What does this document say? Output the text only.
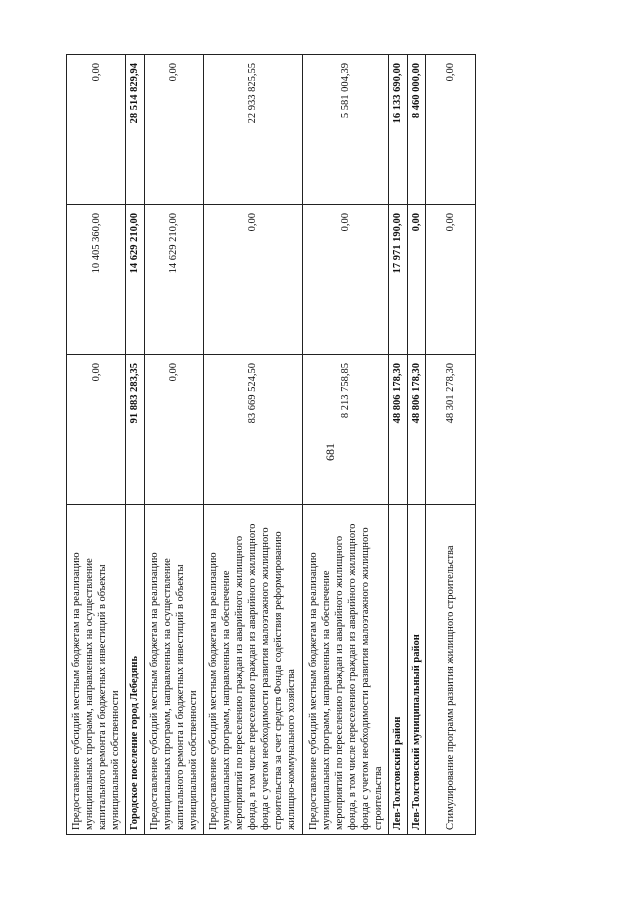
681
Предоставление субсидий местным бюджетам на реализацию муниципальных программ, направленных на осуществление капитального ремонта и бюджетных инвестиций в объекты муниципальной собственности	0,00	10 405 360,00	0,00
Городское поселение город Лебедянь	91 883 283,35	14 629 210,00	28 514 829,94
Предоставление субсидий местным бюджетам на реализацию муниципальных программ, направленных на осуществление капитального ремонта и бюджетных инвестиций в объекты муниципальной собственности	0,00	14 629 210,00	0,00
Предоставление субсидий местным бюджетам на реализацию муниципальных программ, направленных на обеспечение мероприятий по переселению граждан из аварийного жилищного фонда, в том числе переселению граждан из аварийного жилищного фонда с учетом необходимости развития малоэтажного жилищного строительства за счет средств Фонда содействия реформированию жилищно-коммунального хозяйства	83 669 524,50	0,00	22 933 825,55
Предоставление субсидий местным бюджетам на реализацию муниципальных программ, направленных на обеспечение мероприятий по переселению граждан из аварийного жилищного фонда, в том числе переселению граждан из аварийного жилищного фонда с учетом необходимости развития малоэтажного жилищного строительства	8 213 758,85	0,00	5 581 004,39
Лев-Толстовский район	48 806 178,30	17 971 190,00	16 133 690,00
Лев-Толстовский муниципальный район	48 806 178,30	0,00	8 460 000,00
Стимулирование программ развития жилищного строительства	48 301 278,30	0,00	0,00
